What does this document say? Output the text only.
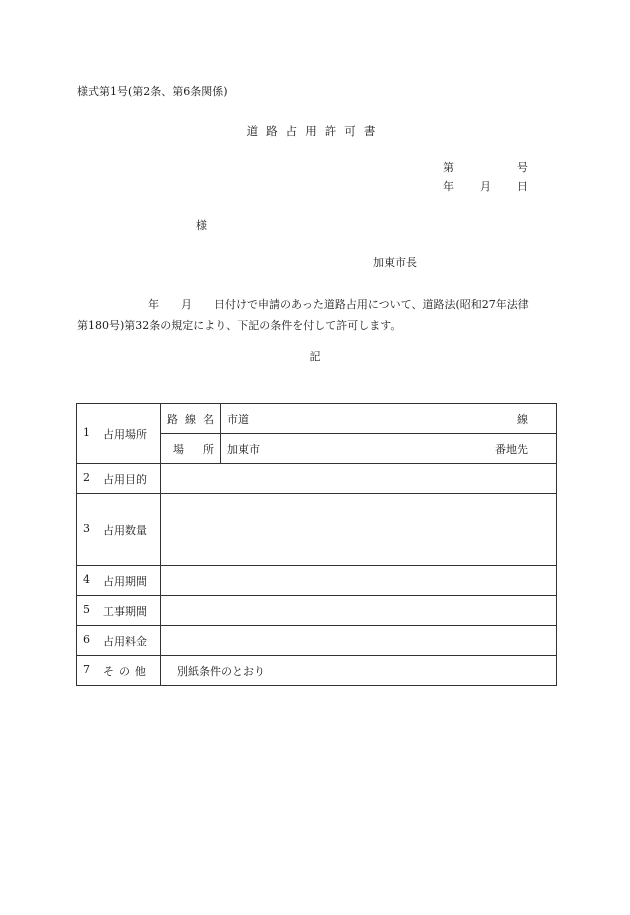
様式第1号(第2条、第6条関係)
道路占用許可書
第	号
年 月 日
様
加東市長
年　　月　　日付けで申請のあった道路占用について、道路法(昭和27年法律
第180号)第32条の規定により、下記の条件を付して許可します。
記
1 占用場所	路 線 名	市道 線

	場 所	加東市 番地先

2 占用目的		

3 占用数量		

4 占用期間		

5 工事期間		

6 占用料金		

7 その他	別紙条件のとおり	
